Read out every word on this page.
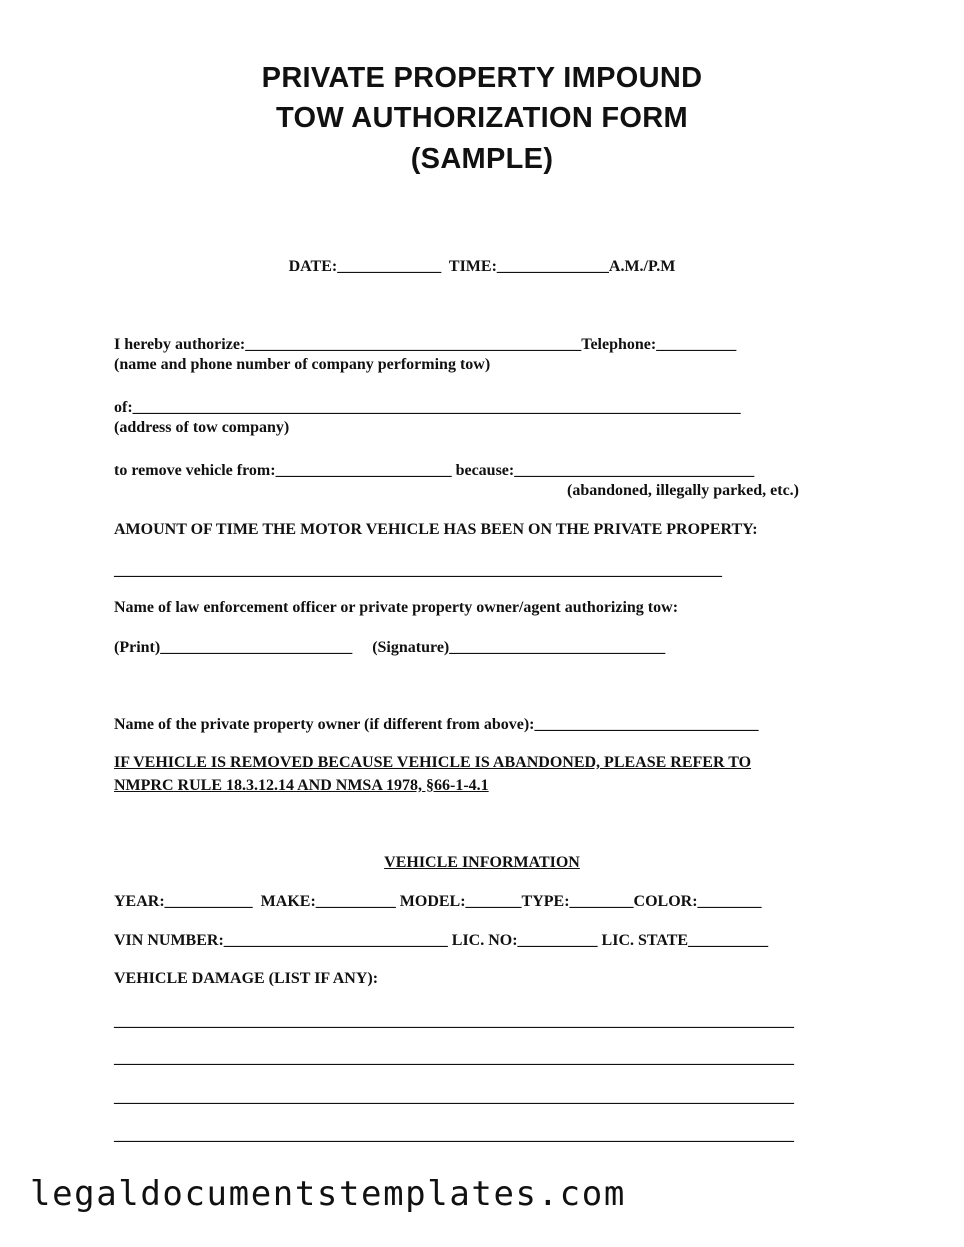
PRIVATE PROPERTY IMPOUND
TOW AUTHORIZATION FORM
(SAMPLE)
DATE:_____________  TIME:______________A.M./P.M
I hereby authorize:__________________________________________Telephone:__________
(name and phone number of company performing tow)
of:____________________________________________________________________________
(address of tow company)
to remove vehicle from:______________________ because:______________________________
(abandoned, illegally parked, etc.)
AMOUNT OF TIME THE MOTOR VEHICLE HAS BEEN ON THE PRIVATE PROPERTY:
____________________________________________________________________________
Name of law enforcement officer or private property owner/agent authorizing tow:
(Print)________________________     (Signature)___________________________
Name of the private property owner (if different from above):____________________________
IF VEHICLE IS REMOVED BECAUSE VEHICLE IS ABANDONED, PLEASE REFER TO
NMPRC RULE 18.3.12.14 AND NMSA 1978, §66-1-4.1
VEHICLE INFORMATION
YEAR:___________  MAKE:__________ MODEL:_______TYPE:________COLOR:________
VIN NUMBER:____________________________ LIC. NO:__________ LIC. STATE__________
VEHICLE DAMAGE (LIST IF ANY):
_____________________________________________________________________________________
_____________________________________________________________________________________
_____________________________________________________________________________________
_____________________________________________________________________________________
legaldocumentstemplates.com
